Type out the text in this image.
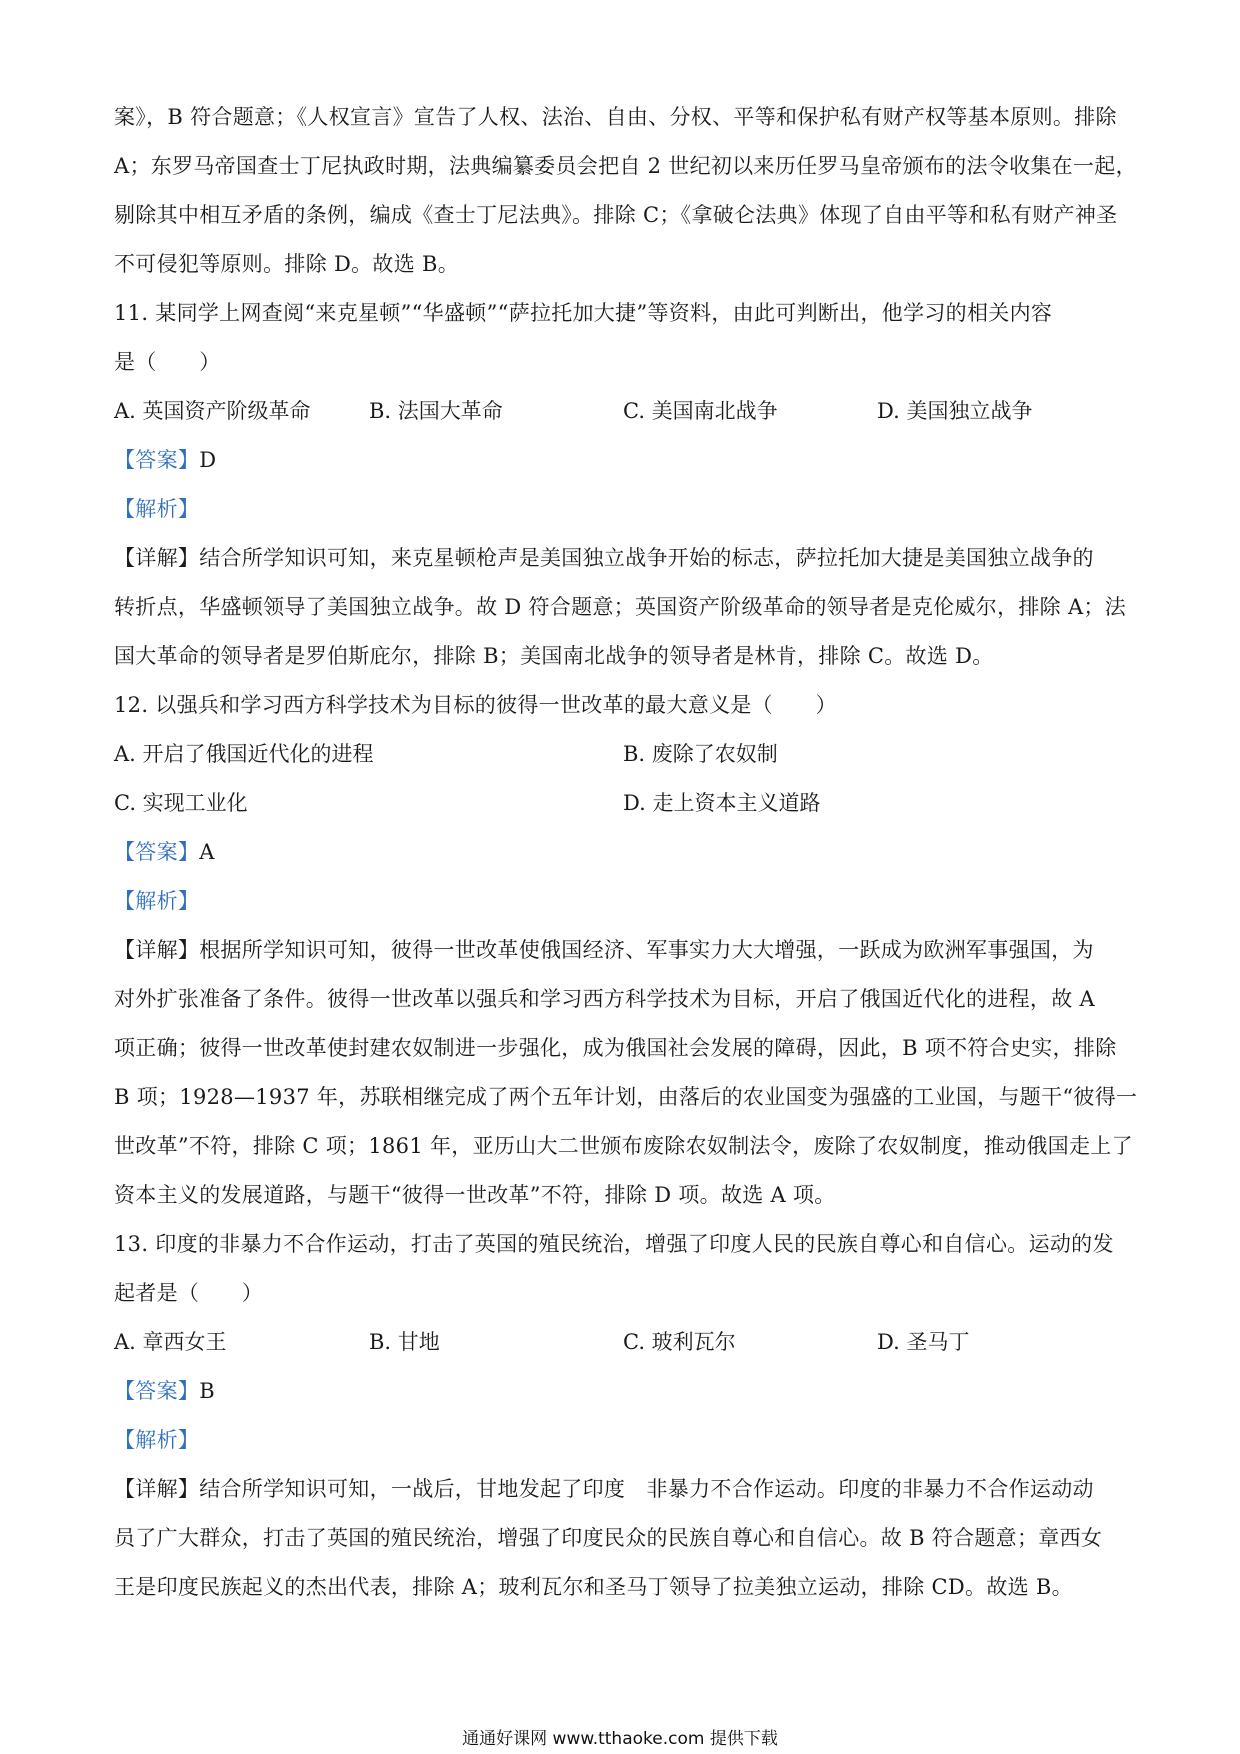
案》，B 符合题意；《人权宣言》宣告了人权、法治、自由、分权、平等和保护私有财产权等基本原则。排除
A；东罗马帝国查士丁尼执政时期，法典编纂委员会把自 2 世纪初以来历任罗马皇帝颁布的法令收集在一起，
剔除其中相互矛盾的条例，编成《查士丁尼法典》。排除 C；《拿破仑法典》体现了自由平等和私有财产神圣
不可侵犯等原则。排除 D。故选 B。
11. 某同学上网查阅“来克星顿”“华盛顿”“萨拉托加大捷”等资料，由此可判断出，他学习的相关内容
是（　　）
A. 英国资产阶级革命	B. 法国大革命	C. 美国南北战争	D. 美国独立战争
【答案】D
【解析】
【详解】结合所学知识可知，来克星顿枪声是美国独立战争开始的标志，萨拉托加大捷是美国独立战争的
转折点，华盛顿领导了美国独立战争。故 D 符合题意；英国资产阶级革命的领导者是克伦威尔，排除 A；法
国大革命的领导者是罗伯斯庇尔，排除 B；美国南北战争的领导者是林肯，排除 C。故选 D。
12. 以强兵和学习西方科学技术为目标的彼得一世改革的最大意义是（　　）
A. 开启了俄国近代化的进程	B. 废除了农奴制
C. 实现工业化	D. 走上资本主义道路
【答案】A
【解析】
【详解】根据所学知识可知，彼得一世改革使俄国经济、军事实力大大增强，一跃成为欧洲军事强国，为
对外扩张准备了条件。彼得一世改革以强兵和学习西方科学技术为目标，开启了俄国近代化的进程，故 A
项正确；彼得一世改革使封建农奴制进一步强化，成为俄国社会发展的障碍，因此，B 项不符合史实，排除
B 项；1928—1937 年，苏联相继完成了两个五年计划，由落后的农业国变为强盛的工业国，与题干“彼得一
世改革”不符，排除 C 项；1861 年，亚历山大二世颁布废除农奴制法令，废除了农奴制度，推动俄国走上了
资本主义的发展道路，与题干“彼得一世改革”不符，排除 D 项。故选 A 项。
13. 印度的非暴力不合作运动，打击了英国的殖民统治，增强了印度人民的民族自尊心和自信心。运动的发
起者是（　　）
A. 章西女王	B. 甘地	C. 玻利瓦尔	D. 圣马丁
【答案】B
【解析】
【详解】结合所学知识可知，一战后，甘地发起了印度　非暴力不合作运动。印度的非暴力不合作运动动
员了广大群众，打击了英国的殖民统治，增强了印度民众的民族自尊心和自信心。故 B 符合题意；章西女
王是印度民族起义的杰出代表，排除 A；玻利瓦尔和圣马丁领导了拉美独立运动，排除 CD。故选 B。
通通好课网 www.tthaoke.com 提供下载
